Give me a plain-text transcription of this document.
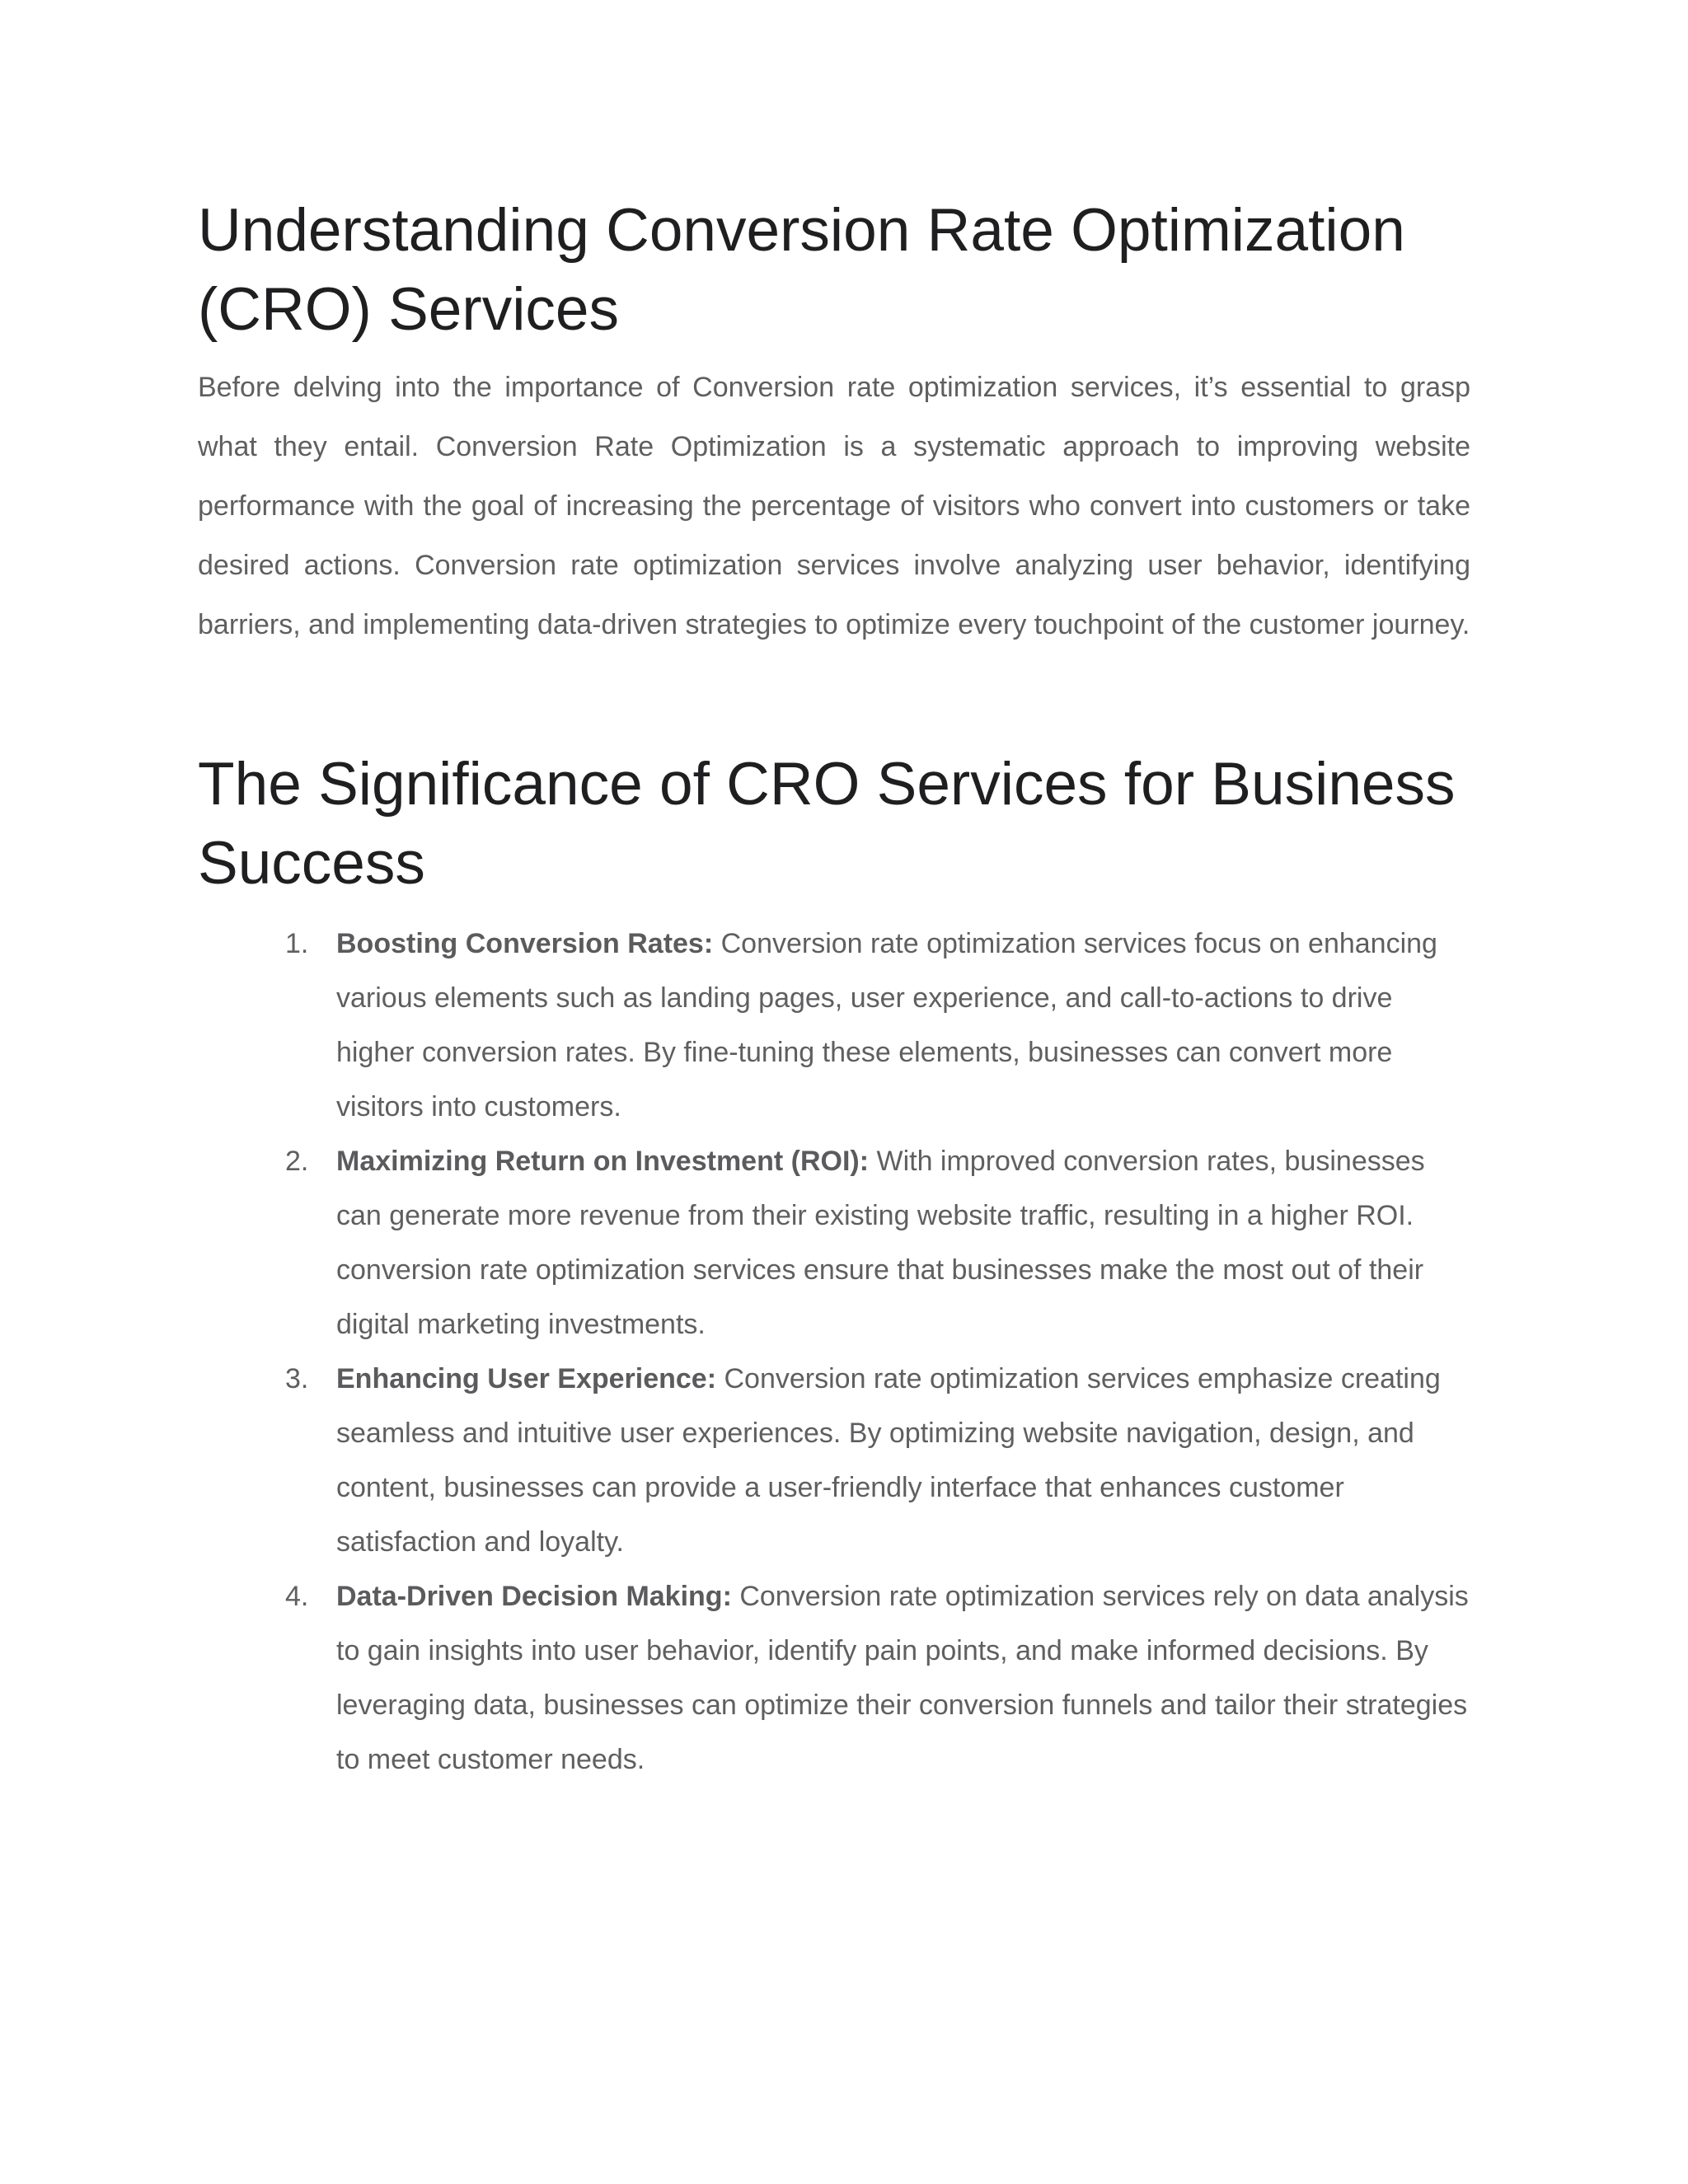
Understanding Conversion Rate Optimization (CRO) Services

Before delving into the importance of Conversion rate optimization services, it’s essential to grasp what they entail. Conversion Rate Optimization is a systematic approach to improving website performance with the goal of increasing the percentage of visitors who convert into customers or take desired actions. Conversion rate optimization services involve analyzing user behavior, identifying barriers, and implementing data-driven strategies to optimize every touchpoint of the customer journey.

The Significance of CRO Services for Business Success
1. Boosting Conversion Rates: Conversion rate optimization services focus on enhancing various elements such as landing pages, user experience, and call-to-actions to drive higher conversion rates. By fine-tuning these elements, businesses can convert more visitors into customers.
2. Maximizing Return on Investment (ROI): With improved conversion rates, businesses can generate more revenue from their existing website traffic, resulting in a higher ROI. conversion rate optimization services ensure that businesses make the most out of their digital marketing investments.
3. Enhancing User Experience: Conversion rate optimization services emphasize creating seamless and intuitive user experiences. By optimizing website navigation, design, and content, businesses can provide a user-friendly interface that enhances customer satisfaction and loyalty.
4. Data-Driven Decision Making: Conversion rate optimization services rely on data analysis to gain insights into user behavior, identify pain points, and make informed decisions. By leveraging data, businesses can optimize their conversion funnels and tailor their strategies to meet customer needs.
